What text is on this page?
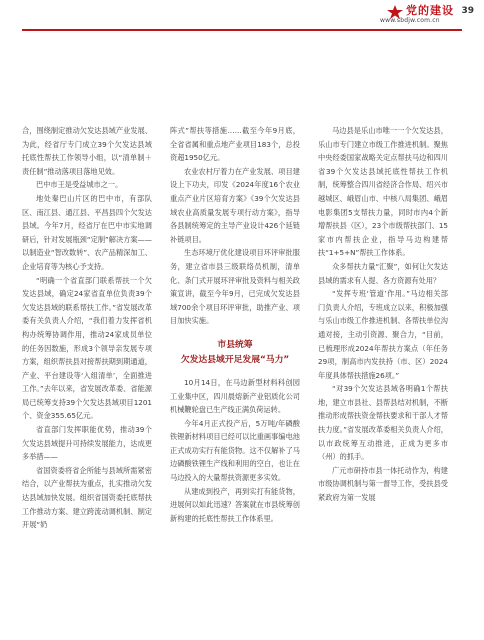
党的建设
www.sbdjw.com.cn
39

合，围绕制定推动欠发达县域产业发展、为此，经省厅专门成立39个欠发达县域托底性帮扶工作领导小组，以“清单制＋责任制”推动落项目落地见效。

巴中市王是受益城市之一。

地处秦巴山片区的巴中市，有部队区、南江县、通江县、平昌县四个欠发达县域。今年7月，经省厅在巴中市实地调研后，针对发展瓶颈“定制”解决方案——以制造业“智改数转”、农产品精深加工、企业培育等为核心予支持。

“明确一个省直部门联系帮扶一个欠发达县域，确定24家省直单位负责39个欠发达县域的联系帮扶工作。”省发展改革委有关负责人介绍，“我们着力发挥省机构办统筹协调作用，推动24家成员单位的任务因数施，形成3个领导亲发展专项方案，组织帮扶县对接帮扶期到期通道，产业、平台建设等‘入组清单’，全面推进工作。”去年以来，省发展改革委、省能源局已统筹支持39个欠发达县域项目1201个、资金355.65亿元。

省直部门发挥职能优势，推动39个欠发达县域提升可持续发展能力，达成更多举措——

省国资委将省企所能与县域所需紧密结合，以产业帮扶为重点，扎实推动欠发达县域加快发展。组织省国资委托底帮扶工作推动方案、建立跨流动调机制、制定开展“奶

阵式”帮扶等措施……截至今年9月底，全省省属和重点地产业项目183个，总投资超1950亿元。

农业农村厅着力在产业发展、项目建设上下功夫，印发《2024年度16个农业重点产业片区培育方案》《39个欠发达县域农业高质量发展专项行动方案》，指导各县制统筹定的主导产业设计426个延链补链项目。

生态环境厅优化建设项目环评审批服务，建立省市县三级联络员机制，清单化、条门式开展环评审批及资料与相关政策宣讲，截至今年9月，已完成欠发达县域700余个项目环评审批，助推产业、项目加快实施。

市县统筹
欠发达县域开足发展“马力”

10月14日，在马边新型材料科创园工业集中区，四川晨熔新产业铝质化公司机械鞭轮盘已生产线正满负荷运转。

今年4月正式投产后，5万吨/年磷酸铁锂新材料项目已经可以比重画事编电池正式成功实行有能货物。这不仅解补了马边磷酸铁锂生产线和利用的空白，也让在马边投入的大量帮扶资源更多实效。

从建成到投产，再到实打有能货物，进展何以如此迅速？答案就在市县统筹创新构建的托底性帮扶工作体系里。

马边县是乐山市唯一一个欠发达县，乐山市专门建立市级工作推进机制。聚焦中央经委国家战略关定点帮扶马边和四川省39个欠发达县域托底性帮扶工作机制，统筹整合四川省经济合作局、绍兴市越城区、峨眉山市、中核八局集团、峨眉电影集团5支帮扶力量，同时市内4个新增帮扶县（区），23个市级帮扶部门、15家市内帮扶企业，指导马边构建帮扶“1+5+N”帮扶工作体系。

众多帮扶力量“汇聚”，如何让欠发达县域的需求有人提、各方资源有处用？

“发挥专班‘管道’作用。”马边相关部门负责人介绍，专班成立以来，积极加强与乐山市级工作推进机制、各帮扶单位沟通对接，主动引资源、聚合力，“目前，已梳理形成2024年帮扶方案点（年任务29项，制高市内发扶持（市、区）2024年度具体帮扶措施26项。”

“对39个欠发达县域各明确1个帮扶地，建立市县社、县帮县结对机制，不断推动形成帮扶资金帮扶要求和干部人才帮扶力度。”省发展改革委相关负责人介绍，以市政统筹互动推进，正成为更多市（州）的抓手。

广元市研持市县一体托动作为，构建市级协调机制与第一督导工作，受扶县受紧政府为第一发展
